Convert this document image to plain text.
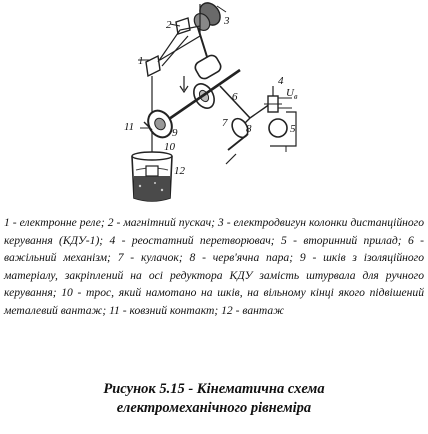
1
2	3
4
5
6
7 8
9
10
11
12
$U_в$

1 - електронне реле; 2 - магнітний пускач; 3 - електродвигун колонки дистанційного керування (КДУ-1); 4 - реостатний перетворювач; 5 - вторинний прилад; 6 - важільний механізм; 7 - кулачок; 8 - черв'ячна пара; 9 - шків з ізоляційного матеріалу, закріплений на осі редуктора КДУ замість штурвала для ручного керування; 10 - трос, який намотано на шків, на вільному кінці якого підвішений металевий вантаж; 11 - ковзний контакт; 12 - вантаж

Рисунок 5.15 - Кінематична схема
електромеханічного рівнеміра
